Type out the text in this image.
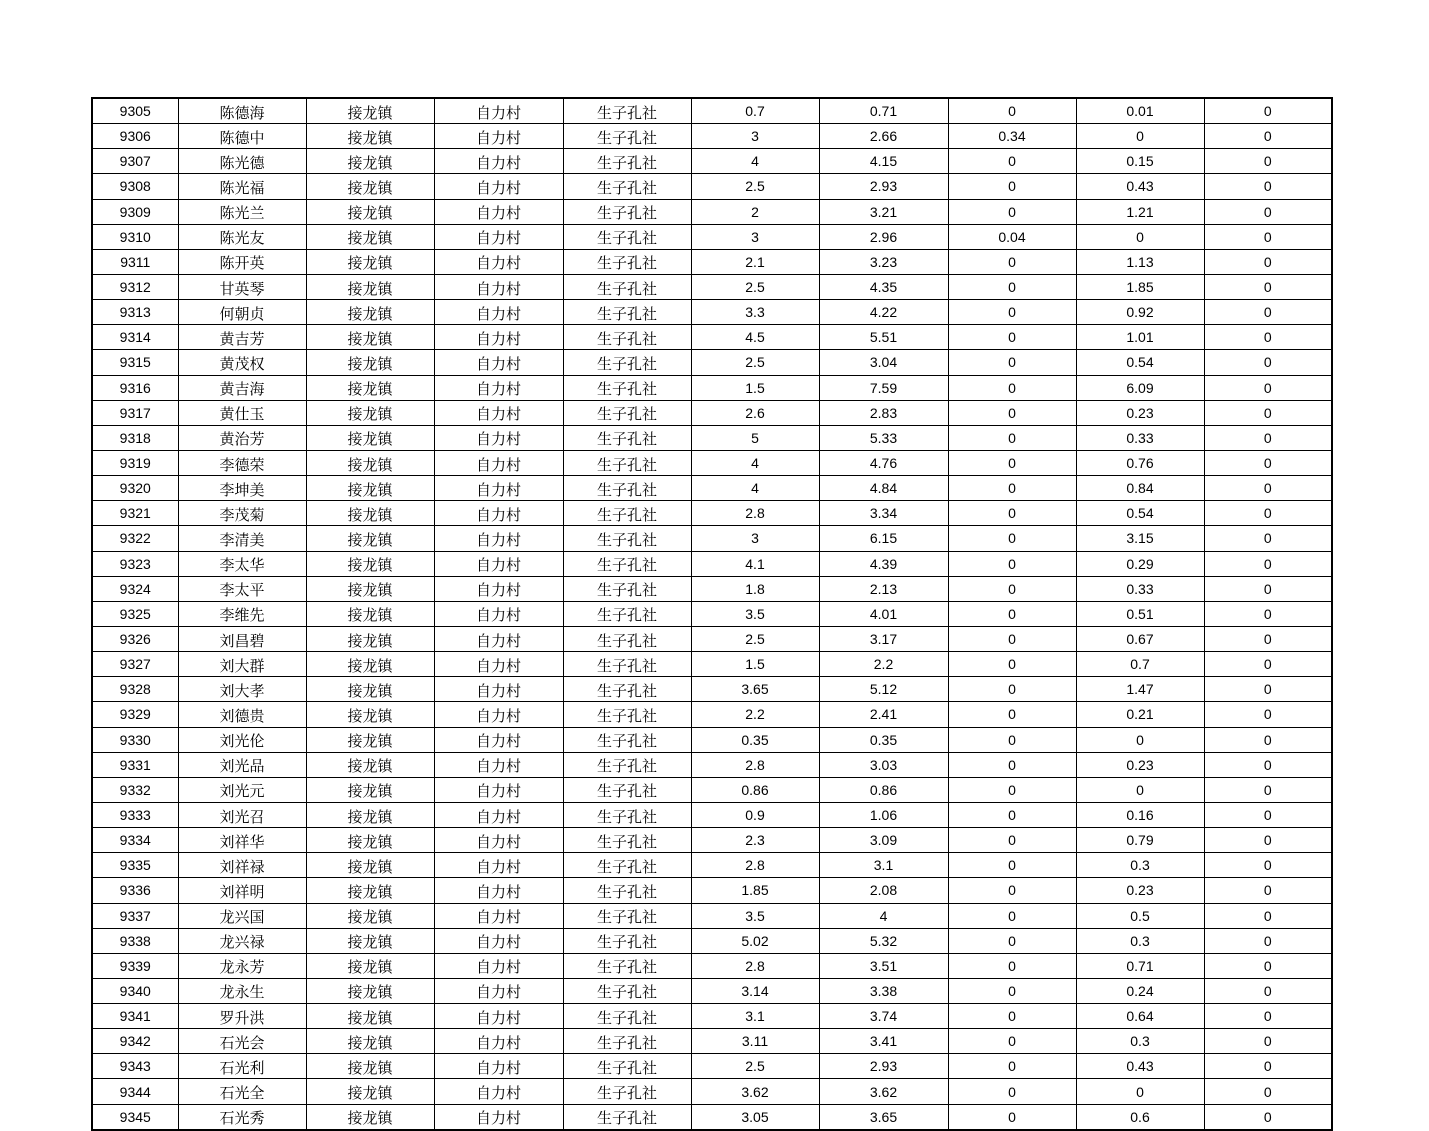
9305	陈德海	接龙镇	自力村	生子孔社	0.7	0.71	0	0.01	0
9306	陈德中	接龙镇	自力村	生子孔社	3	2.66	0.34	0	0
9307	陈光德	接龙镇	自力村	生子孔社	4	4.15	0	0.15	0
9308	陈光福	接龙镇	自力村	生子孔社	2.5	2.93	0	0.43	0
9309	陈光兰	接龙镇	自力村	生子孔社	2	3.21	0	1.21	0
9310	陈光友	接龙镇	自力村	生子孔社	3	2.96	0.04	0	0
9311	陈开英	接龙镇	自力村	生子孔社	2.1	3.23	0	1.13	0
9312	甘英琴	接龙镇	自力村	生子孔社	2.5	4.35	0	1.85	0
9313	何朝贞	接龙镇	自力村	生子孔社	3.3	4.22	0	0.92	0
9314	黄吉芳	接龙镇	自力村	生子孔社	4.5	5.51	0	1.01	0
9315	黄茂权	接龙镇	自力村	生子孔社	2.5	3.04	0	0.54	0
9316	黄吉海	接龙镇	自力村	生子孔社	1.5	7.59	0	6.09	0
9317	黄仕玉	接龙镇	自力村	生子孔社	2.6	2.83	0	0.23	0
9318	黄治芳	接龙镇	自力村	生子孔社	5	5.33	0	0.33	0
9319	李德荣	接龙镇	自力村	生子孔社	4	4.76	0	0.76	0
9320	李坤美	接龙镇	自力村	生子孔社	4	4.84	0	0.84	0
9321	李茂菊	接龙镇	自力村	生子孔社	2.8	3.34	0	0.54	0
9322	李清美	接龙镇	自力村	生子孔社	3	6.15	0	3.15	0
9323	李太华	接龙镇	自力村	生子孔社	4.1	4.39	0	0.29	0
9324	李太平	接龙镇	自力村	生子孔社	1.8	2.13	0	0.33	0
9325	李维先	接龙镇	自力村	生子孔社	3.5	4.01	0	0.51	0
9326	刘昌碧	接龙镇	自力村	生子孔社	2.5	3.17	0	0.67	0
9327	刘大群	接龙镇	自力村	生子孔社	1.5	2.2	0	0.7	0
9328	刘大孝	接龙镇	自力村	生子孔社	3.65	5.12	0	1.47	0
9329	刘德贵	接龙镇	自力村	生子孔社	2.2	2.41	0	0.21	0
9330	刘光伦	接龙镇	自力村	生子孔社	0.35	0.35	0	0	0
9331	刘光品	接龙镇	自力村	生子孔社	2.8	3.03	0	0.23	0
9332	刘光元	接龙镇	自力村	生子孔社	0.86	0.86	0	0	0
9333	刘光召	接龙镇	自力村	生子孔社	0.9	1.06	0	0.16	0
9334	刘祥华	接龙镇	自力村	生子孔社	2.3	3.09	0	0.79	0
9335	刘祥禄	接龙镇	自力村	生子孔社	2.8	3.1	0	0.3	0
9336	刘祥明	接龙镇	自力村	生子孔社	1.85	2.08	0	0.23	0
9337	龙兴国	接龙镇	自力村	生子孔社	3.5	4	0	0.5	0
9338	龙兴禄	接龙镇	自力村	生子孔社	5.02	5.32	0	0.3	0
9339	龙永芳	接龙镇	自力村	生子孔社	2.8	3.51	0	0.71	0
9340	龙永生	接龙镇	自力村	生子孔社	3.14	3.38	0	0.24	0
9341	罗升洪	接龙镇	自力村	生子孔社	3.1	3.74	0	0.64	0
9342	石光会	接龙镇	自力村	生子孔社	3.11	3.41	0	0.3	0
9343	石光利	接龙镇	自力村	生子孔社	2.5	2.93	0	0.43	0
9344	石光全	接龙镇	自力村	生子孔社	3.62	3.62	0	0	0
9345	石光秀	接龙镇	自力村	生子孔社	3.05	3.65	0	0.6	0
